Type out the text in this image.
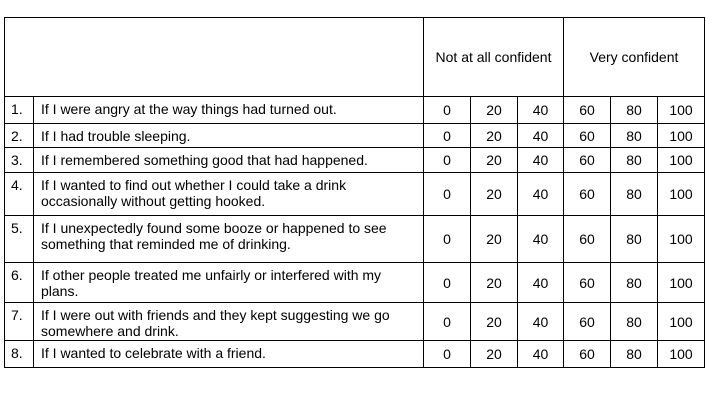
		Not at all confident			Very confident		
1.	If I were angry at the way things had turned out.	0	20	40	60	80	100
2.	If I had trouble sleeping.	0	20	40	60	80	100
3.	If I remembered something good that had happened.	0	20	40	60	80	100
4.	If I wanted to find out whether I could take a drink occasionally without getting hooked.	0	20	40	60	80	100
5.	If I unexpectedly found some booze or happened to see something that reminded me of drinking.	0	20	40	60	80	100
6.	If other people treated me unfairly or interfered with my plans.	0	20	40	60	80	100
7.	If I were out with friends and they kept suggesting we go somewhere and drink.	0	20	40	60	80	100
8.	If I wanted to celebrate with a friend.	0	20	40	60	80	100
